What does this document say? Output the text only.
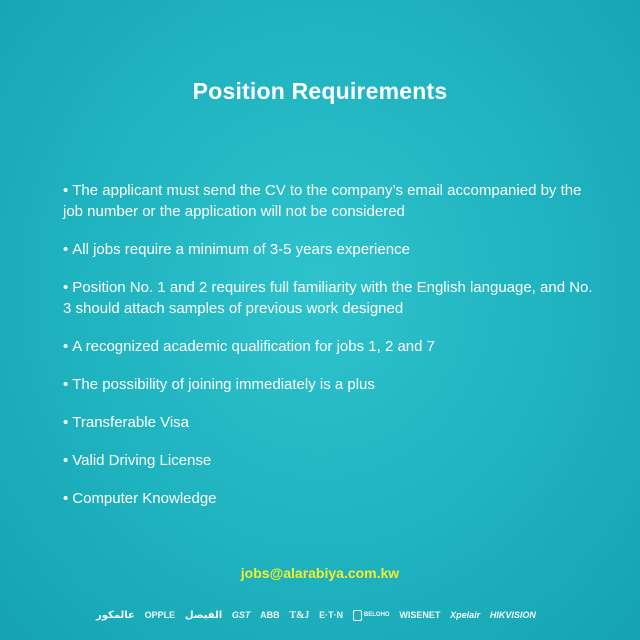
Position Requirements
• The applicant must send the CV to the company’s email accompanied by the job number or the application will not be considered
• All jobs require a minimum of 3-5 years experience
• Position No. 1 and 2 requires full familiarity with the English language, and No. 3 should attach samples of previous work designed
• A recognized academic qualification for jobs 1, 2 and 7
• The possibility of joining immediately is a plus
• Transferable Visa
• Valid Driving License
• Computer Knowledge
jobs@alarabiya.com.kw
عالمكور OPPLE الفيصل GST ABB T&J E·T·N	BELOHO WISENET Xpelair HIKVISION
